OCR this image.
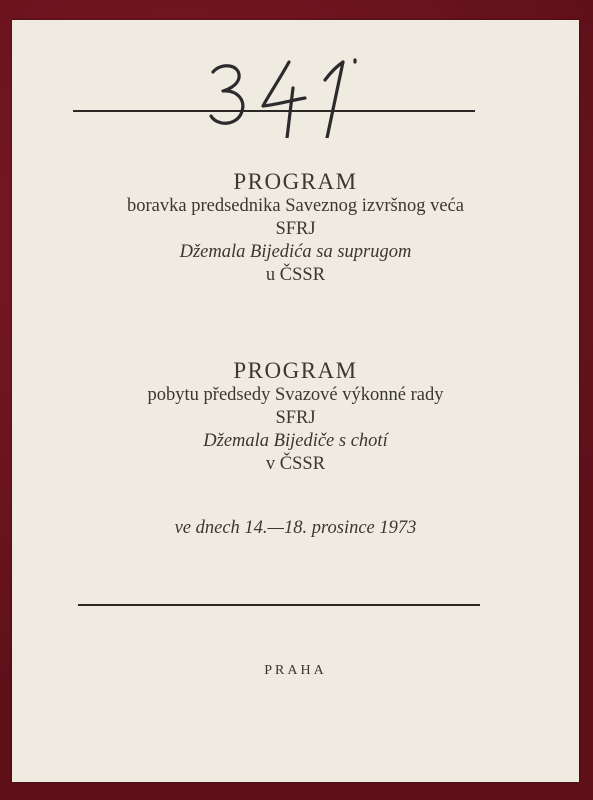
PROGRAM
boravka predsednika Saveznog izvršnog veća
SFRJ
Džemala Bijedića sa suprugom
u ČSSR
PROGRAM
pobytu předsedy Svazové výkonné rady
SFRJ
Džemala Bijediče s chotí
v ČSSR
ve dnech 14.—18. prosince 1973
PRAHA
